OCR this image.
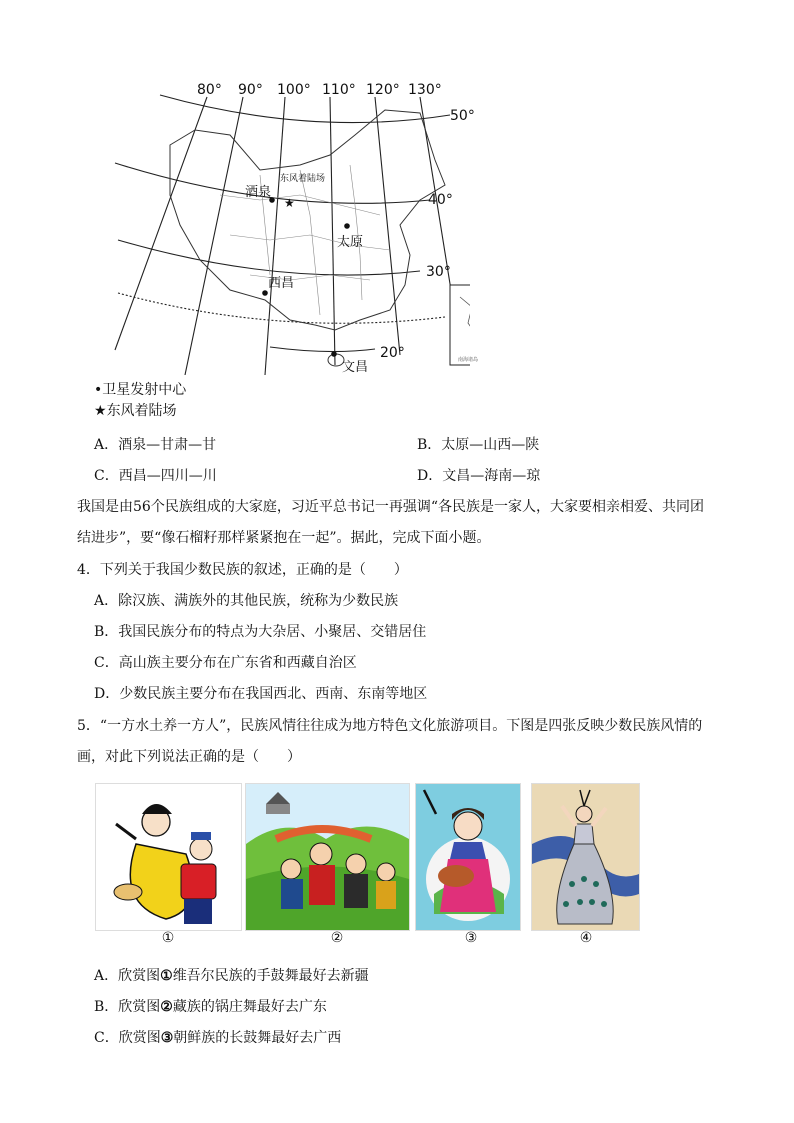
★
80° 90° 100° 110° 120° 130°
50°
40°
30°
20°
酒泉
东风着陆场
太原
西昌
文昌	南海诸岛
•卫星发射中心
★东风着陆场
A．酒泉—甘肃—甘	B．太原—山西—陕
C．西昌—四川—川	D．文昌—海南—琼
我国是由56个民族组成的大家庭，习近平总书记一再强调“各民族是一家人，大家要相亲相爱、共同团
结进步”，要“像石榴籽那样紧紧抱在一起”。据此，完成下面小题。
4．下列关于我国少数民族的叙述，正确的是（　　）
A．除汉族、满族外的其他民族，统称为少数民族
B．我国民族分布的特点为大杂居、小聚居、交错居住
C．高山族主要分布在广东省和西藏自治区
D．少数民族主要分布在我国西北、西南、东南等地区
5．“一方水土养一方人”，民族风情往往成为地方特色文化旅游项目。下图是四张反映少数民族风情的
画，对此下列说法正确的是（　　）
①	②	③	④
A．欣赏图①维吾尔民族的手鼓舞最好去新疆
B．欣赏图②藏族的锅庄舞最好去广东
C．欣赏图③朝鲜族的长鼓舞最好去广西
